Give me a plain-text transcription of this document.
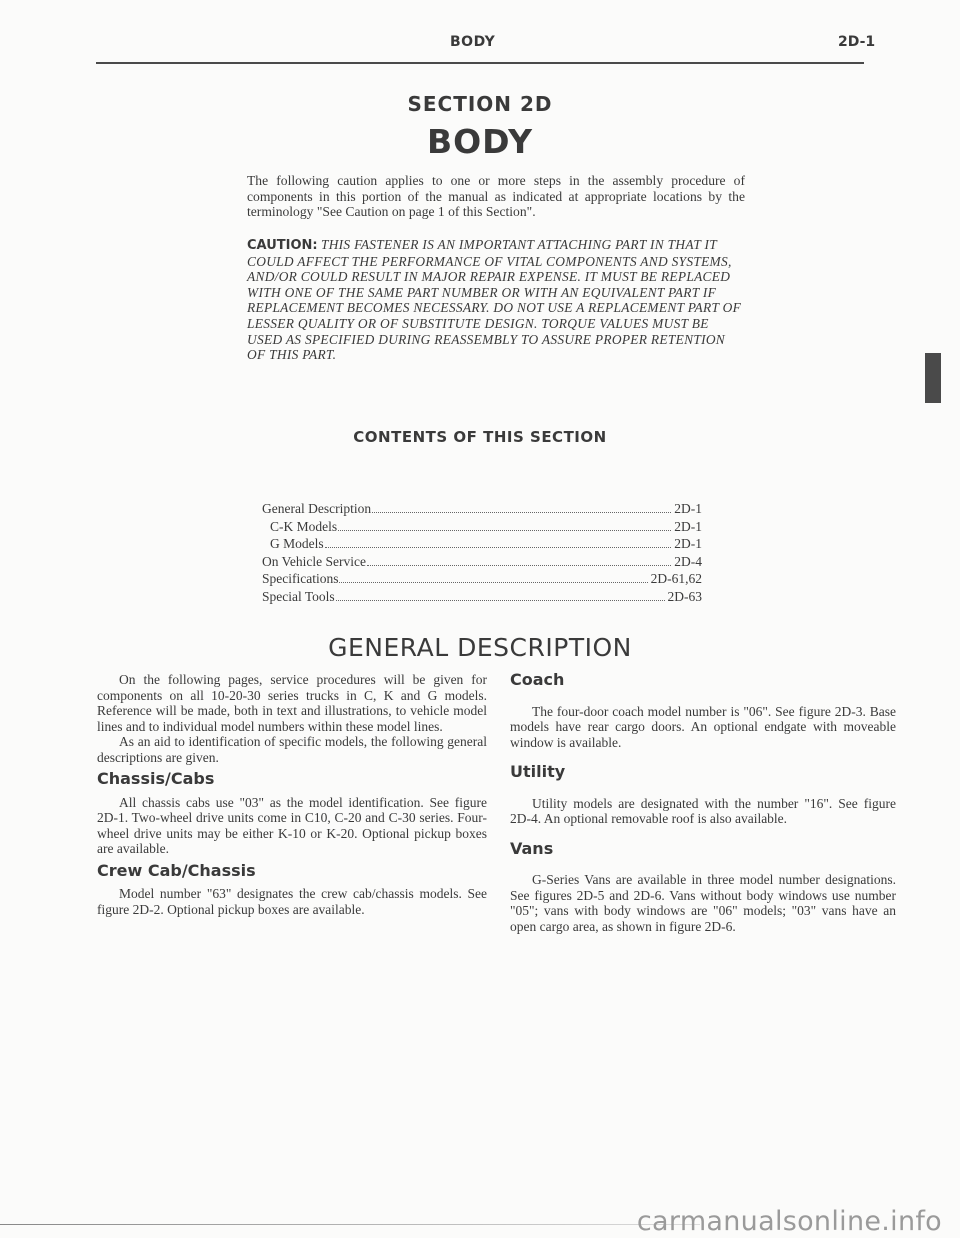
BODY	2D-1
SECTION 2D
BODY
The following caution applies to one or more steps in the assembly procedure of components in this portion of the manual as indicated at appropriate locations by the terminology "See Caution on page 1 of this Section".
CAUTION: THIS FASTENER IS AN IMPORTANT ATTACHING PART IN THAT IT COULD AFFECT THE PERFORMANCE OF VITAL COMPONENTS AND SYSTEMS, AND/OR COULD RESULT IN MAJOR REPAIR EXPENSE. IT MUST BE REPLACED WITH ONE OF THE SAME PART NUMBER OR WITH AN EQUIVALENT PART IF REPLACEMENT BECOMES NECESSARY. DO NOT USE A REPLACEMENT PART OF LESSER QUALITY OR OF SUBSTITUTE DESIGN. TORQUE VALUES MUST BE USED AS SPECIFIED DURING REASSEMBLY TO ASSURE PROPER RETENTION OF THIS PART.
CONTENTS OF THIS SECTION
General Description	2D-1
C-K Models	2D-1
G Models	2D-1
On Vehicle Service	2D-4
Specifications	2D-61,62
Special Tools	2D-63
GENERAL DESCRIPTION

On the following pages, service procedures will be given for components on all 10-20-30 series trucks in C, K and G models. Reference will be made, both in text and illustrations, to vehicle model lines and to individual model numbers within these model lines.

As an aid to identification of specific models, the following general descriptions are given.

Chassis/Cabs

All chassis cabs use "03" as the model identification. See figure 2D-1. Two-wheel drive units come in C10, C-20 and C-30 series. Four-wheel drive units may be either K-10 or K-20. Optional pickup boxes are available.

Crew Cab/Chassis

Model number "63" designates the crew cab/chassis models. See figure 2D-2. Optional pickup boxes are available.

Coach

The four-door coach model number is "06". See figure 2D-3. Base models have rear cargo doors. An optional endgate with moveable window is available.

Utility

Utility models are designated with the number "16". See figure 2D-4. An optional removable roof is also available.

Vans

G-Series Vans are available in three model number designations. See figures 2D-5 and 2D-6. Vans without body windows use number "05"; vans with body windows are "06" models; "03" vans have an open cargo area, as shown in figure 2D-6.

carmanualsonline.info
